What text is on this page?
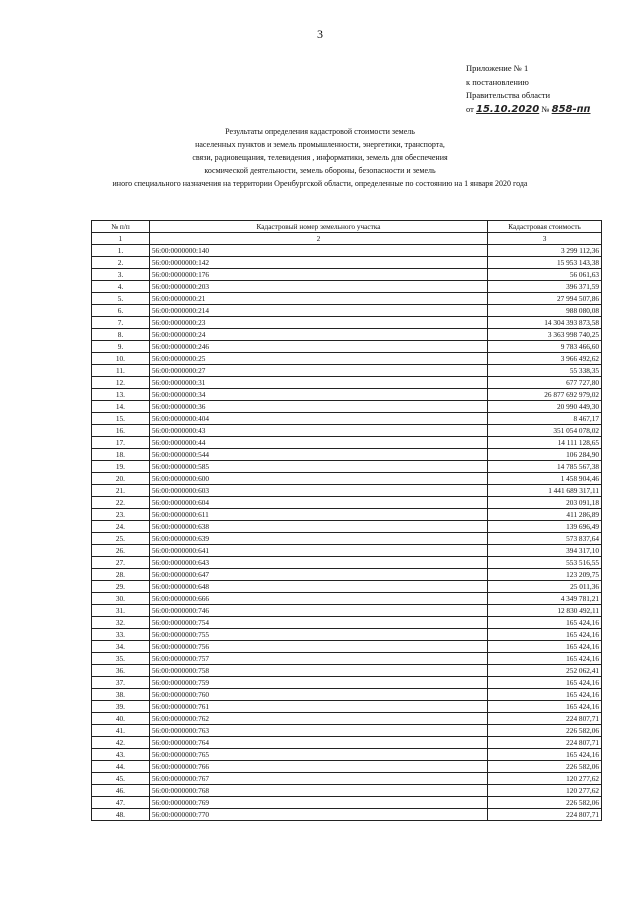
3
Приложение № 1
к постановлению
Правительства области
от 15.10.2020 № 858-пп
Результаты определения кадастровой стоимости земель
населенных пунктов и земель промышленности, энергетики, транспорта,
связи, радиовещания, телевидения , информатики, земель для обеспечения
космической деятельности, земель обороны, безопасности и земель
иного специального назначения на территории Оренбургской области, определенные по состоянию на 1 января 2020 года
№ п/п	Кадастровый номер земельного участка	Кадастровая стоимость
1	2	3
1.	56:00:0000000:140	3 299 112,36
2.	56:00:0000000:142	15 953 143,38
3.	56:00:0000000:176	56 061,63
4.	56:00:0000000:203	396 371,59
5.	56:00:0000000:21	27 994 507,86
6.	56:00:0000000:214	988 080,08
7.	56:00:0000000:23	14 304 393 873,58
8.	56:00:0000000:24	3 363 998 740,25
9.	56:00:0000000:246	9 783 466,60
10.	56:00:0000000:25	3 966 492,62
11.	56:00:0000000:27	55 338,35
12.	56:00:0000000:31	677 727,80
13.	56:00:0000000:34	26 877 692 979,02
14.	56:00:0000000:36	20 990 449,30
15.	56:00:0000000:404	8 467,17
16.	56:00:0000000:43	351 054 078,02
17.	56:00:0000000:44	14 111 128,65
18.	56:00:0000000:544	106 284,90
19.	56:00:0000000:585	14 785 567,38
20.	56:00:0000000:600	1 458 904,46
21.	56:00:0000000:603	1 441 689 317,11
22.	56:00:0000000:604	203 091,18
23.	56:00:0000000:611	411 286,89
24.	56:00:0000000:638	139 696,49
25.	56:00:0000000:639	573 837,64
26.	56:00:0000000:641	394 317,10
27.	56:00:0000000:643	553 516,55
28.	56:00:0000000:647	123 209,75
29.	56:00:0000000:648	25 011,36
30.	56:00:0000000:666	4 349 781,21
31.	56:00:0000000:746	12 830 492,11
32.	56:00:0000000:754	165 424,16
33.	56:00:0000000:755	165 424,16
34.	56:00:0000000:756	165 424,16
35.	56:00:0000000:757	165 424,16
36.	56:00:0000000:758	252 062,41
37.	56:00:0000000:759	165 424,16
38.	56:00:0000000:760	165 424,16
39.	56:00:0000000:761	165 424,16
40.	56:00:0000000:762	224 807,71
41.	56:00:0000000:763	226 582,06
42.	56:00:0000000:764	224 807,71
43.	56:00:0000000:765	165 424,16
44.	56:00:0000000:766	226 582,06
45.	56:00:0000000:767	120 277,62
46.	56:00:0000000:768	120 277,62
47.	56:00:0000000:769	226 582,06
48.	56:00:0000000:770	224 807,71
